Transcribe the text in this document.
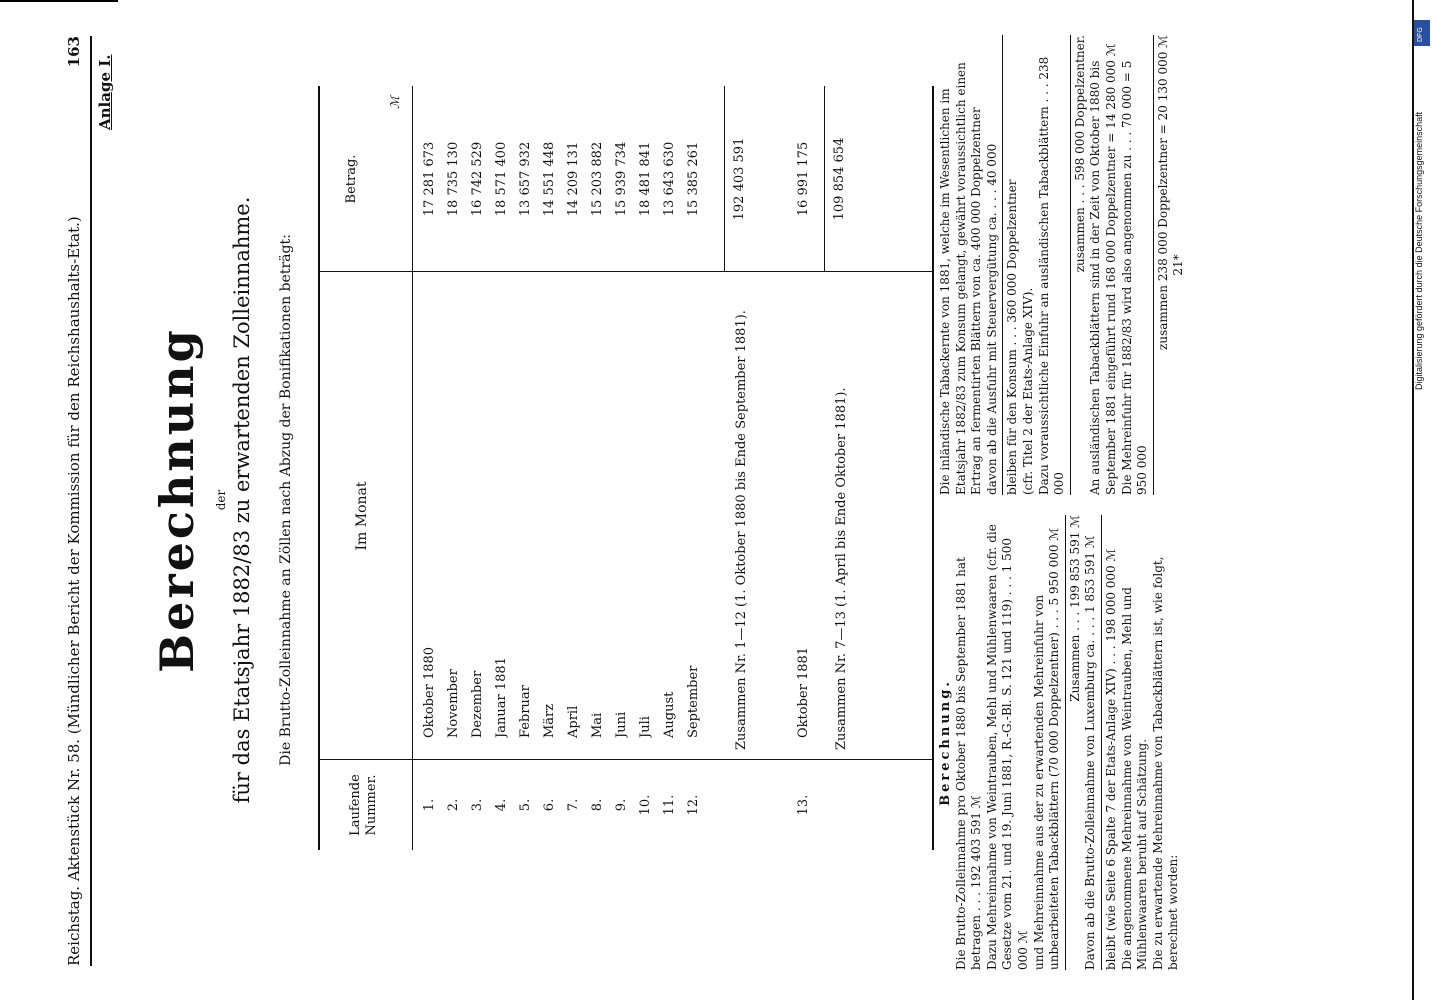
DFG
Digitalisierung gefördert durch die Deutsche Forschungsgemeinschaft
Reichstag. Aktenstück Nr. 58. (Mündlicher Bericht der Kommission für den Reichshaushalts-Etat.)
163
Anlage I.
Berechnung der für das Etatsjahr 1882/83 zu erwartenden Zolleinnahme. Die Brutto-Zolleinnahme an Zöllen nach Abzug der Bonifikationen beträgt:
Laufende Nummer.
Im Monat
Betrag.
ℳ
1.
Oktober 1880
17 281 673
2.
November
18 735 130
3.
Dezember
16 742 529
4.
Januar 1881
18 571 400
5.
Februar
13 657 932
6.
März
14 551 448
7.
April
14 209 131
8.
Mai
15 203 882
9.
Juni
15 939 734
10.
Juli
18 481 841
11.
August
13 643 630
12.
September
15 385 261
Zusammen Nr. 1—12 (1. Oktober 1880 bis Ende September 1881).
192 403 591
13.
Oktober 1881
16 991 175
Zusammen Nr. 7—13 (1. April bis Ende Oktober 1881).
109 854 654

Berechnung. Die Brutto-Zolleinnahme pro Oktober 1880 bis September 1881 hat betragen . . . 192 403 591 ℳ Dazu Mehreinnahme von Weintrauben, Mehl und Mühlenwaaren (cfr. die Gesetze vom 21. und 19. Juni 1881, R.-G.-Bl. S. 121 und 119) . . . 1 500 000 ℳ und Mehreinnahme aus der zu erwartenden Mehreinfuhr von unbearbeiteten Tabackblättern (70 000 Doppelzentner) . . . 5 950 000 ℳ Zusammen . . . 199 853 591 ℳ Davon ab die Brutto-Zolleinnahme von Luxemburg ca. . . . 1 853 591 ℳ bleibt (wie Seite 6 Spalte 7 der Etats-Anlage XIV) . . . 198 000 000 ℳ Die angenommene Mehreinnahme von Weintrauben, Mehl und Mühlenwaaren beruht auf Schätzung. Die zu erwartende Mehreinnahme von Tabackblättern ist, wie folgt, berechnet worden:

Die inländische Tabackernte von 1881, welche im Wesentlichen im Etatsjahr 1882/83 zum Konsum gelangt, gewährt voraussichtlich einen Ertrag an fermentirten Blättern von ca. 400 000 Doppelzentner davon ab die Ausfuhr mit Steuervergütung ca. . . . 40 000 bleiben für den Konsum . . . 360 000 Doppelzentner (cfr. Titel 2 der Etats-Anlage XIV). Dazu voraussichtliche Einfuhr an ausländischen Tabackblättern . . . 238 000

zusammen . . . 598 000 Doppelzentner. An ausländischen Tabackblättern sind in der Zeit von Oktober 1880 bis September 1881 eingeführt rund 168 000 Doppelzentner = 14 280 000 ℳ Die Mehreinfuhr für 1882/83 wird also angenommen zu . . . 70 000 = 5 950 000

zusammen 238 000 Doppelzentner = 20 130 000 ℳ 21*
